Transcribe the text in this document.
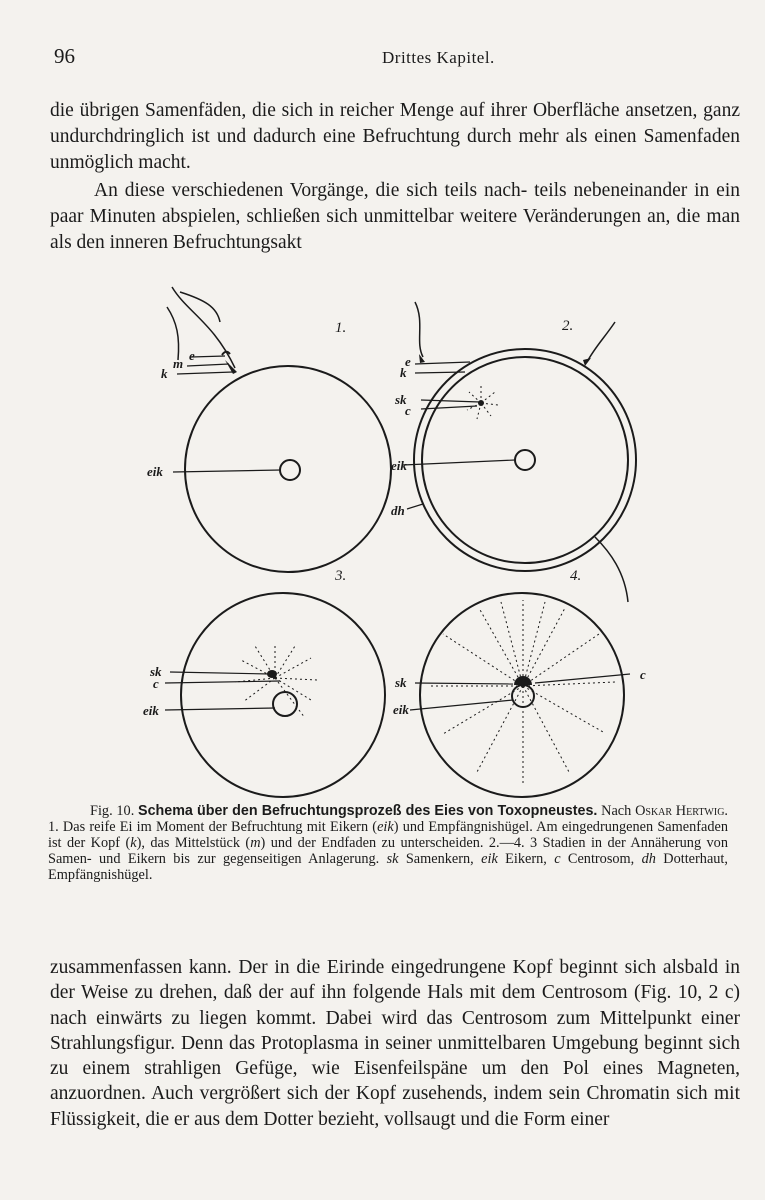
96	Drittes Kapitel.

die übrigen Samenfäden, die sich in reicher Menge auf ihrer Oberfläche ansetzen, ganz undurchdringlich ist und dadurch eine Befruchtung durch mehr als einen Samenfaden unmöglich macht.

An diese verschiedenen Vorgänge, die sich teils nach- teils nebeneinander in ein paar Minuten abspielen, schließen sich unmittelbar weitere Veränderungen an, die man als den inneren Befruchtungsakt

1.	2.
3.	4.
e
m
k
eik
e
k
sk
c
eik
dh
sk
c
eik
sk
eik
c

Fig. 10. Schema über den Befruchtungsprozeß des Eies von Toxopneustes. Nach Oskar Hertwig. 1. Das reife Ei im Moment der Befruchtung mit Eikern (eik) und Empfängnishügel. Am eingedrungenen Samenfaden ist der Kopf (k), das Mittelstück (m) und der Endfaden zu unterscheiden. 2.—4. 3 Stadien in der Annäherung von Samen- und Eikern bis zur gegenseitigen Anlagerung. sk Samenkern, eik Eikern, c Centrosom, dh Dotterhaut, Empfängnishügel.

zusammenfassen kann. Der in die Eirinde eingedrungene Kopf beginnt sich alsbald in der Weise zu drehen, daß der auf ihn folgende Hals mit dem Centrosom (Fig. 10, 2 c) nach einwärts zu liegen kommt. Dabei wird das Centrosom zum Mittelpunkt einer Strahlungsfigur. Denn das Protoplasma in seiner unmittelbaren Umgebung beginnt sich zu einem strahligen Gefüge, wie Eisenfeilspäne um den Pol eines Magneten, anzuordnen. Auch vergrößert sich der Kopf zusehends, indem sein Chromatin sich mit Flüssigkeit, die er aus dem Dotter bezieht, vollsaugt und die Form einer
